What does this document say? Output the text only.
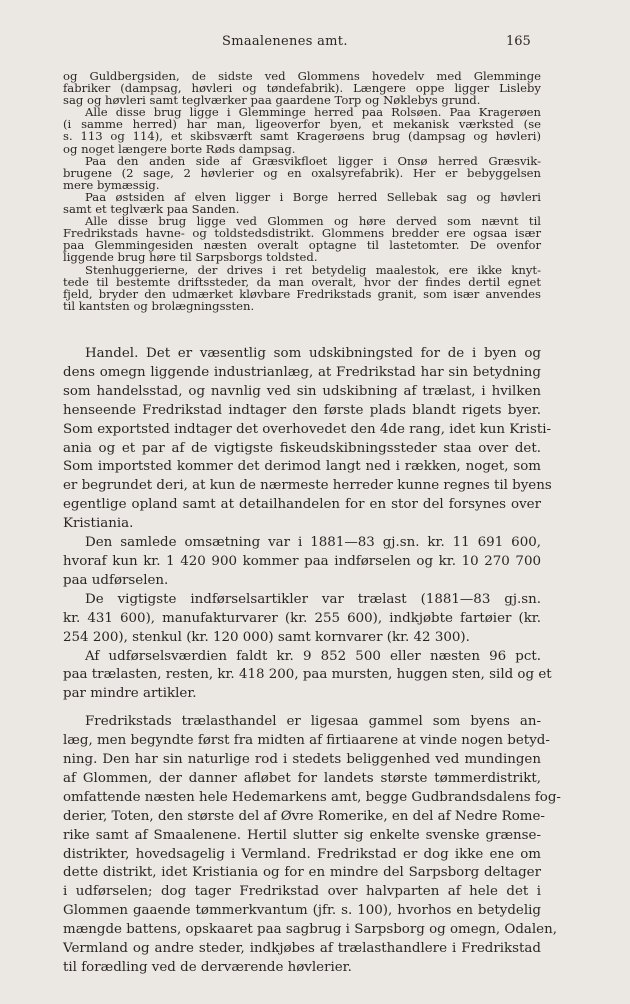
Smaalenenes amt.	165
og Guldbergsiden, de sidste ved Glommens hovedelv med Glemminge
fabriker (dampsag, høvleri og tøndefabrik). Længere oppe ligger Lisleby
sag og høvleri samt teglværker paa gaardene Torp og Nøklebys grund.
Alle disse brug ligge i Glemminge herred paa Rolsøen. Paa Kragerøen
(i samme herred) har man, ligeoverfor byen, et mekanisk værksted (se
s. 113 og 114), et skibsværft samt Kragerøens brug (dampsag og høvleri)
og noget længere borte Røds dampsag.
Paa den anden side af Græsvikfloet ligger i Onsø herred Græsvik-
brugene (2 sage, 2 høvlerier og en oxalsyrefabrik). Her er bebyggelsen
mere bymæssig.
Paa østsiden af elven ligger i Borge herred Sellebak sag og høvleri
samt et teglværk paa Sanden.
Alle disse brug ligge ved Glommen og høre derved som nævnt til
Fredrikstads havne- og toldstedsdistrikt. Glommens bredder ere ogsaa især
paa Glemmingesiden næsten overalt optagne til lastetomter. De ovenfor
liggende brug høre til Sarpsborgs toldsted.
Stenhuggerierne, der drives i ret betydelig maalestok, ere ikke knyt-
tede til bestemte driftssteder, da man overalt, hvor der findes dertil egnet
fjeld, bryder den udmærket kløvbare Fredrikstads granit, som især anvendes
til kantsten og brolægningssten.
Handel. Det er væsentlig som udskibningsted for de i byen og
dens omegn liggende industrianlæg, at Fredrikstad har sin betydning
som handelsstad, og navnlig ved sin udskibning af trælast, i hvilken
henseende Fredrikstad indtager den første plads blandt rigets byer.
Som exportsted indtager det overhovedet den 4de rang, idet kun Kristi-
ania og et par af de vigtigste fiskeudskibningssteder staa over det.
Som importsted kommer det derimod langt ned i rækken, noget, som
er begrundet deri, at kun de nærmeste herreder kunne regnes til byens
egentlige opland samt at detailhandelen for en stor del forsynes over
Kristiania.
Den samlede omsætning var i 1881—83 gj.sn. kr. 11 691 600,
hvoraf kun kr. 1 420 900 kommer paa indførselen og kr. 10 270 700
paa udførselen.
De vigtigste indførselsartikler var trælast (1881—83 gj.sn.
kr. 431 600), manufakturvarer (kr. 255 600), indkjøbte fartøier (kr.
254 200), stenkul (kr. 120 000) samt kornvarer (kr. 42 300).
Af udførselsværdien faldt kr. 9 852 500 eller næsten 96 pct.
paa trælasten, resten, kr. 418 200, paa mursten, huggen sten, sild og et
par mindre artikler.
Fredrikstads trælasthandel er ligesaa gammel som byens an-
læg, men begyndte først fra midten af firtiaarene at vinde nogen betyd-
ning. Den har sin naturlige rod i stedets beliggenhed ved mundingen
af Glommen, der danner afløbet for landets største tømmerdistrikt,
omfattende næsten hele Hedemarkens amt, begge Gudbrandsdalens fog-
derier, Toten, den største del af Øvre Romerike, en del af Nedre Rome-
rike samt af Smaalenene. Hertil slutter sig enkelte svenske grænse-
distrikter, hovedsagelig i Vermland. Fredrikstad er dog ikke ene om
dette distrikt, idet Kristiania og for en mindre del Sarpsborg deltager
i udførselen; dog tager Fredrikstad over halvparten af hele det i
Glommen gaaende tømmerkvantum (jfr. s. 100), hvorhos en betydelig
mængde battens, opskaaret paa sagbrug i Sarpsborg og omegn, Odalen,
Vermland og andre steder, indkjøbes af trælasthandlere i Fredrikstad
til forædling ved de derværende høvlerier.
